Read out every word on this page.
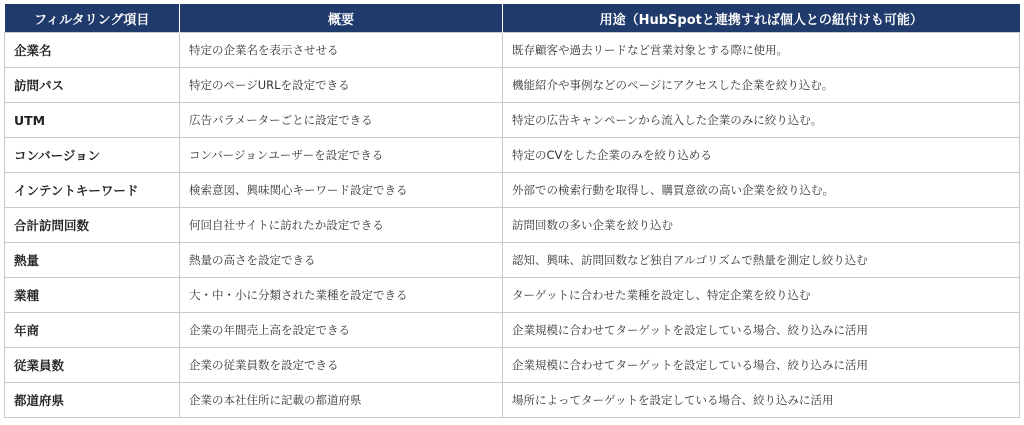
フィルタリング項目	概要	用途（HubSpotと連携すれば個人との紐付けも可能）
企業名	特定の企業名を表示させせる	既存顧客や過去リードなど営業対象とする際に使用。
訪問パス	特定のページURLを設定できる	機能紹介や事例などのページにアクセスした企業を絞り込む。
UTM	広告パラメーターごとに設定できる	特定の広告キャンペーンから流入した企業のみに絞り込む。
コンバージョン	コンバージョンユーザーを設定できる	特定のCVをした企業のみを絞り込める
インテントキーワード	検索意図、興味関心キーワード設定できる	外部での検索行動を取得し、購買意欲の高い企業を絞り込む。
合計訪問回数	何回自社サイトに訪れたか設定できる	訪問回数の多い企業を絞り込む
熱量	熱量の高さを設定できる	認知、興味、訪問回数など独自アルゴリズムで熱量を測定し絞り込む
業種	大・中・小に分類された業種を設定できる	ターゲットに合わせた業種を設定し、特定企業を絞り込む
年商	企業の年間売上高を設定できる	企業規模に合わせてターゲットを設定している場合、絞り込みに活用
従業員数	企業の従業員数を設定できる	企業規模に合わせてターゲットを設定している場合、絞り込みに活用
都道府県	企業の本社住所に記載の都道府県	場所によってターゲットを設定している場合、絞り込みに活用
